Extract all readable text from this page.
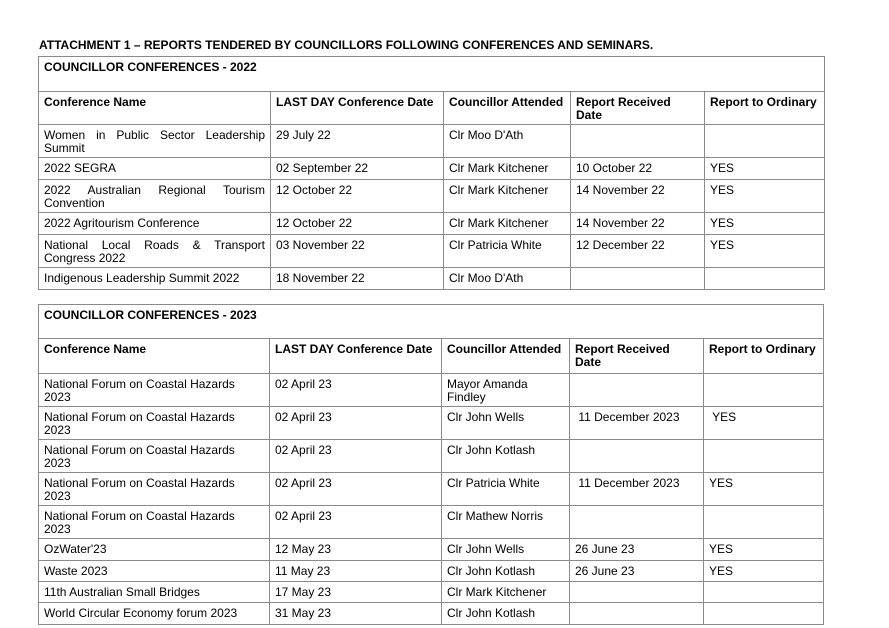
ATTACHMENT 1 – REPORTS TENDERED BY COUNCILLORS FOLLOWING CONFERENCES AND SEMINARS.
COUNCILLOR CONFERENCES - 2022				
Conference Name	LAST DAY Conference Date	Councillor Attended	Report Received Date	Report to Ordinary
Women in Public Sector Leadership Summit	29 July 22	Clr Moo D'Ath		
2022 SEGRA	02 September 22	Clr Mark Kitchener	10 October 22	YES
2022 Australian Regional Tourism Convention	12 October 22	Clr Mark Kitchener	14 November 22	YES
2022 Agritourism Conference	12 October 22	Clr Mark Kitchener	14 November 22	YES
National Local Roads & Transport Congress 2022	03 November 22	Clr Patricia White	12 December 22	YES
Indigenous Leadership Summit 2022	18 November 22	Clr Moo D'Ath		
COUNCILLOR CONFERENCES - 2023				
Conference Name	LAST DAY Conference Date	Councillor Attended	Report Received Date	Report to Ordinary
National Forum on Coastal Hazards 2023	02 April 23	Mayor Amanda Findley		
National Forum on Coastal Hazards 2023	02 April 23	Clr John Wells	11 December 2023	YES
National Forum on Coastal Hazards 2023	02 April 23	Clr John Kotlash		
National Forum on Coastal Hazards 2023	02 April 23	Clr Patricia White	11 December 2023	YES
National Forum on Coastal Hazards 2023	02 April 23	Clr Mathew Norris		
OzWater'23	12 May 23	Clr John Wells	26 June 23	YES
Waste 2023	11 May 23	Clr John Kotlash	26 June 23	YES
11th Australian Small Bridges	17 May 23	Clr Mark Kitchener		
World Circular Economy forum 2023	31 May 23	Clr John Kotlash		
